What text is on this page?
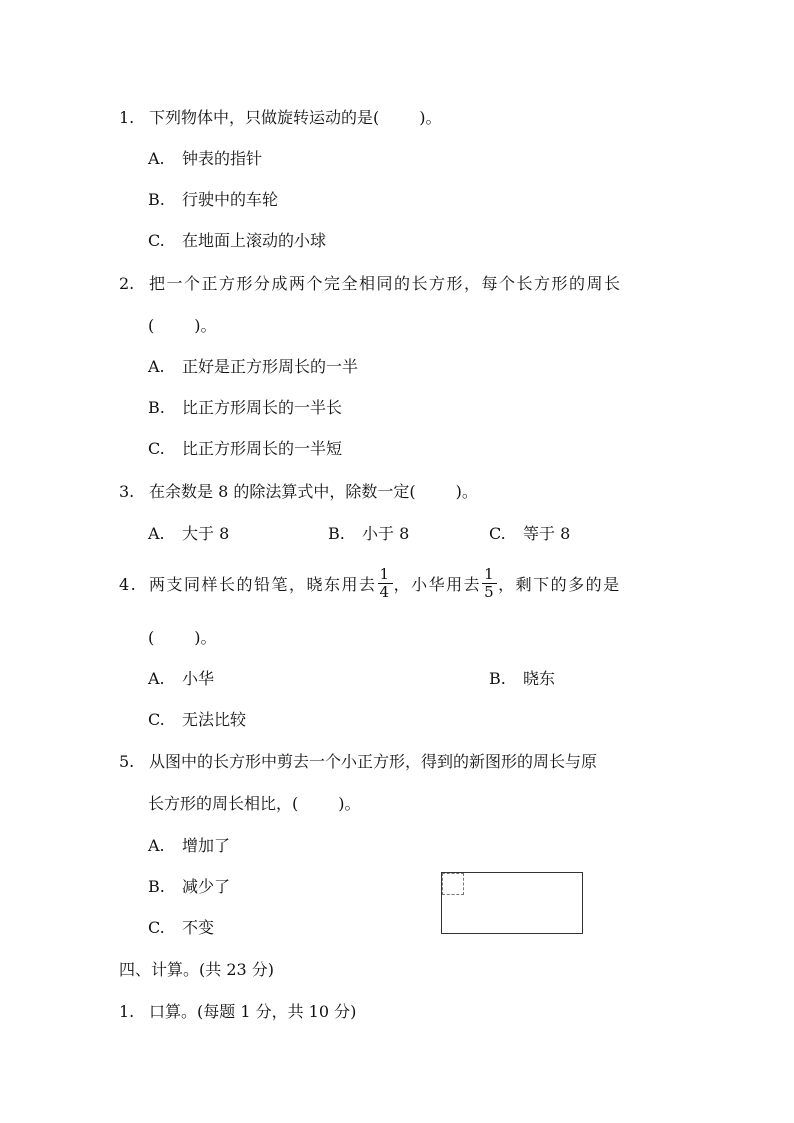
1. 下列物体中，只做旋转运动的是(	)。
A. 钟表的指针
B. 行驶中的车轮
C. 在地面上滚动的小球
2. 把一个正方形分成两个完全相同的长方形，每个长方形的周长
(	)。
A. 正好是正方形周长的一半
B. 比正方形周长的一半长
C. 比正方形周长的一半短
3. 在余数是 8 的除法算式中，除数一定(	)。
A. 大于 8	B. 小于 8	C. 等于 8
4. 两支同样长的铅笔，晓东用去 $\frac{1}{4}$ ，小华用去 $\frac{1}{5}$ ，剩下的多的是
(	)。
A. 小华	B. 晓东
C. 无法比较
5. 从图中的长方形中剪去一个小正方形，得到的新图形的周长与原
长方形的周长相比，(	)。
A. 增加了
B. 减少了
C. 不变
四、计算。(共 23 分)
1. 口算。(每题 1 分，共 10 分)
